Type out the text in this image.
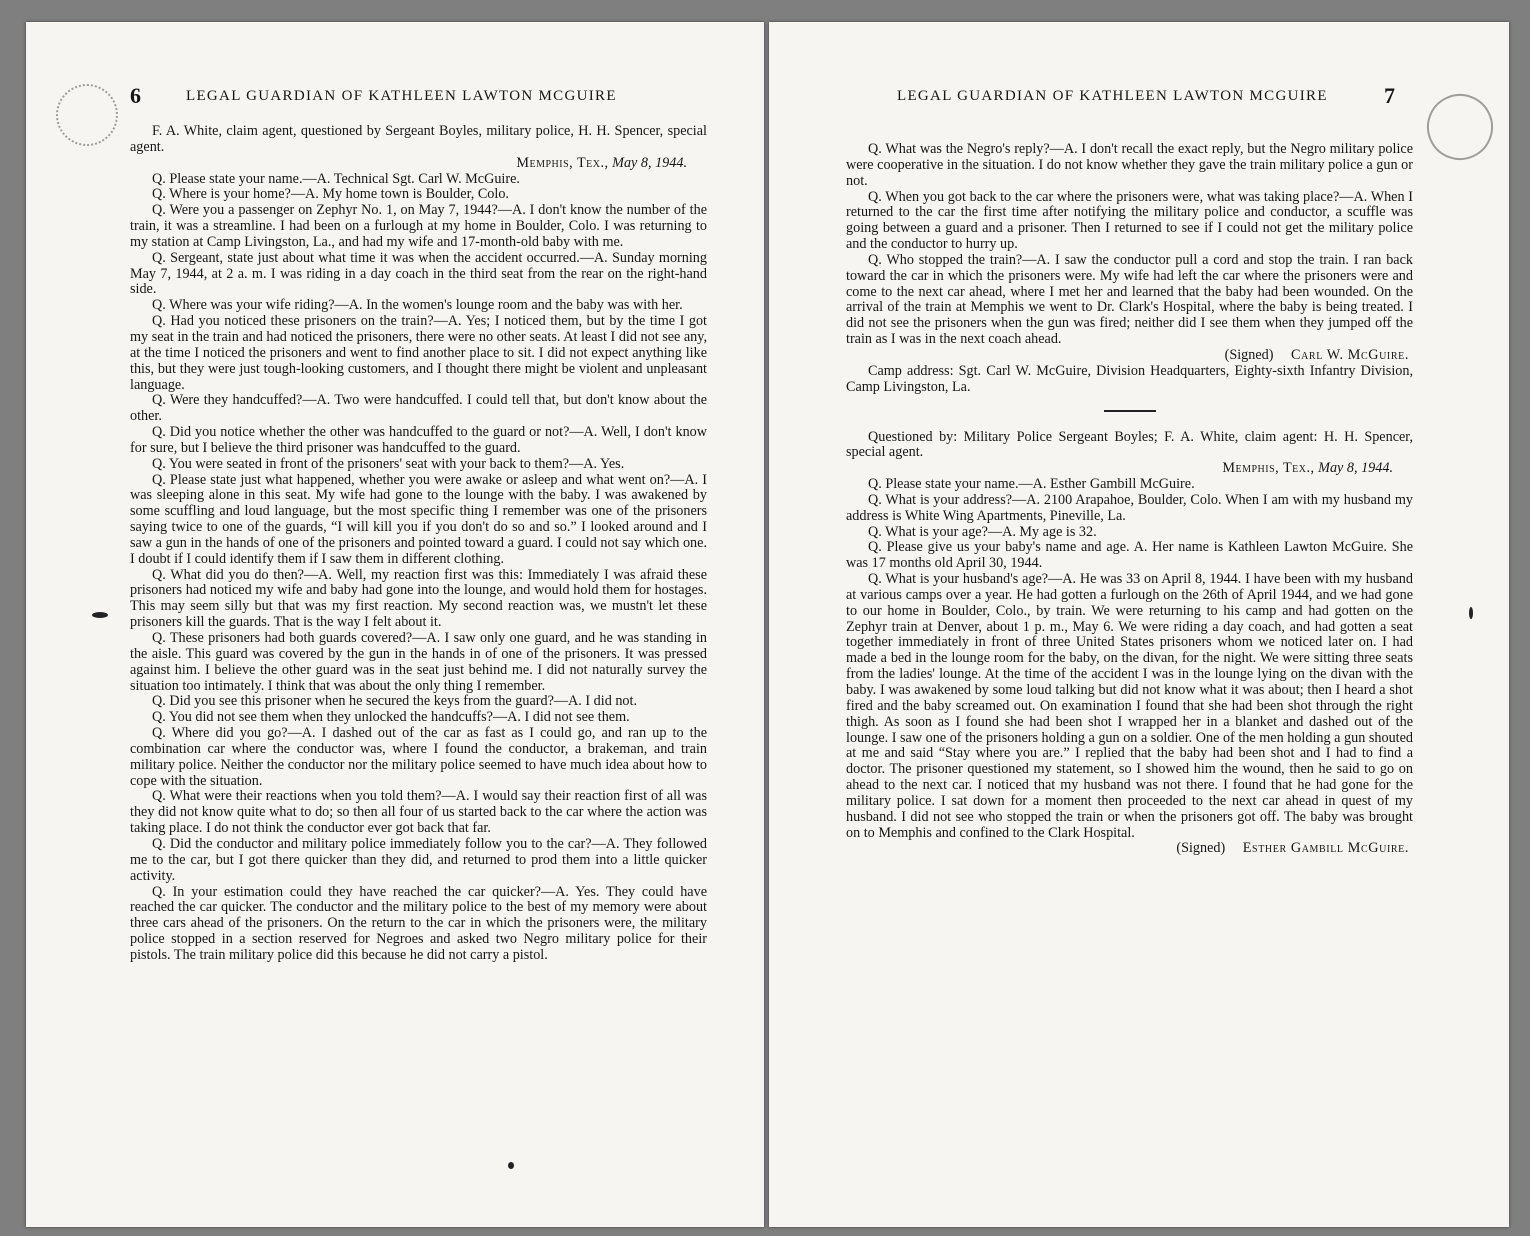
6	LEGAL GUARDIAN OF KATHLEEN LAWTON MCGUIRE

F. A. White, claim agent, questioned by Sergeant Boyles, military police, H. H. Spencer, special agent.

Memphis, Tex., May 8, 1944.

Q. Please state your name.—A. Technical Sgt. Carl W. McGuire.

Q. Where is your home?—A. My home town is Boulder, Colo.

Q. Were you a passenger on Zephyr No. 1, on May 7, 1944?—A. I don't know the number of the train, it was a streamline. I had been on a furlough at my home in Boulder, Colo. I was returning to my station at Camp Livingston, La., and had my wife and 17-month-old baby with me.

Q. Sergeant, state just about what time it was when the accident occurred.—A. Sunday morning May 7, 1944, at 2 a. m. I was riding in a day coach in the third seat from the rear on the right-hand side.

Q. Where was your wife riding?—A. In the women's lounge room and the baby was with her.

Q. Had you noticed these prisoners on the train?—A. Yes; I noticed them, but by the time I got my seat in the train and had noticed the prisoners, there were no other seats. At least I did not see any, at the time I noticed the prisoners and went to find another place to sit. I did not expect anything like this, but they were just tough-looking customers, and I thought there might be violent and unpleasant language.

Q. Were they handcuffed?—A. Two were handcuffed. I could tell that, but don't know about the other.

Q. Did you notice whether the other was handcuffed to the guard or not?—A. Well, I don't know for sure, but I believe the third prisoner was handcuffed to the guard.

Q. You were seated in front of the prisoners' seat with your back to them?—A. Yes.

Q. Please state just what happened, whether you were awake or asleep and what went on?—A. I was sleeping alone in this seat. My wife had gone to the lounge with the baby. I was awakened by some scuffling and loud language, but the most specific thing I remember was one of the prisoners saying twice to one of the guards, “I will kill you if you don't do so and so.” I looked around and I saw a gun in the hands of one of the prisoners and pointed toward a guard. I could not say which one. I doubt if I could identify them if I saw them in different clothing.

Q. What did you do then?—A. Well, my reaction first was this: Immediately I was afraid these prisoners had noticed my wife and baby had gone into the lounge, and would hold them for hostages. This may seem silly but that was my first reaction. My second reaction was, we mustn't let these prisoners kill the guards. That is the way I felt about it.

Q. These prisoners had both guards covered?—A. I saw only one guard, and he was standing in the aisle. This guard was covered by the gun in the hands in of one of the prisoners. It was pressed against him. I believe the other guard was in the seat just behind me. I did not naturally survey the situation too intimately. I think that was about the only thing I remember.

Q. Did you see this prisoner when he secured the keys from the guard?—A. I did not.

Q. You did not see them when they unlocked the handcuffs?—A. I did not see them.

Q. Where did you go?—A. I dashed out of the car as fast as I could go, and ran up to the combination car where the conductor was, where I found the conductor, a brakeman, and train military police. Neither the conductor nor the military police seemed to have much idea about how to cope with the situation.

Q. What were their reactions when you told them?—A. I would say their reaction first of all was they did not know quite what to do; so then all four of us started back to the car where the action was taking place. I do not think the conductor ever got back that far.

Q. Did the conductor and military police immediately follow you to the car?—A. They followed me to the car, but I got there quicker than they did, and returned to prod them into a little quicker activity.

Q. In your estimation could they have reached the car quicker?—A. Yes. They could have reached the car quicker. The conductor and the military police to the best of my memory were about three cars ahead of the prisoners. On the return to the car in which the prisoners were, the military police stopped in a section reserved for Negroes and asked two Negro military police for their pistols. The train military police did this because he did not carry a pistol.

LEGAL GUARDIAN OF KATHLEEN LAWTON MCGUIRE	7

Q. What was the Negro's reply?—A. I don't recall the exact reply, but the Negro military police were cooperative in the situation. I do not know whether they gave the train military police a gun or not.

Q. When you got back to the car where the prisoners were, what was taking place?—A. When I returned to the car the first time after notifying the military police and conductor, a scuffle was going between a guard and a prisoner. Then I returned to see if I could not get the military police and the conductor to hurry up.

Q. Who stopped the train?—A. I saw the conductor pull a cord and stop the train. I ran back toward the car in which the prisoners were. My wife had left the car where the prisoners were and come to the next car ahead, where I met her and learned that the baby had been wounded. On the arrival of the train at Memphis we went to Dr. Clark's Hospital, where the baby is being treated. I did not see the prisoners when the gun was fired; neither did I see them when they jumped off the train as I was in the next coach ahead.

(Signed) Carl W. McGuire.

Camp address: Sgt. Carl W. McGuire, Division Headquarters, Eighty-sixth Infantry Division, Camp Livingston, La.

Questioned by: Military Police Sergeant Boyles; F. A. White, claim agent: H. H. Spencer, special agent.

Memphis, Tex., May 8, 1944.

Q. Please state your name.—A. Esther Gambill McGuire.

Q. What is your address?—A. 2100 Arapahoe, Boulder, Colo. When I am with my husband my address is White Wing Apartments, Pineville, La.

Q. What is your age?—A. My age is 32.

Q. Please give us your baby's name and age. A. Her name is Kathleen Lawton McGuire. She was 17 months old April 30, 1944.

Q. What is your husband's age?—A. He was 33 on April 8, 1944. I have been with my husband at various camps over a year. He had gotten a furlough on the 26th of April 1944, and we had gone to our home in Boulder, Colo., by train. We were returning to his camp and had gotten on the Zephyr train at Denver, about 1 p. m., May 6. We were riding a day coach, and had gotten a seat together immediately in front of three United States prisoners whom we noticed later on. I had made a bed in the lounge room for the baby, on the divan, for the night. We were sitting three seats from the ladies' lounge. At the time of the accident I was in the lounge lying on the divan with the baby. I was awakened by some loud talking but did not know what it was about; then I heard a shot fired and the baby screamed out. On examination I found that she had been shot through the right thigh. As soon as I found she had been shot I wrapped her in a blanket and dashed out of the lounge. I saw one of the prisoners holding a gun on a soldier. One of the men holding a gun shouted at me and said “Stay where you are.” I replied that the baby had been shot and I had to find a doctor. The prisoner questioned my statement, so I showed him the wound, then he said to go on ahead to the next car. I noticed that my husband was not there. I found that he had gone for the military police. I sat down for a moment then proceeded to the next car ahead in quest of my husband. I did not see who stopped the train or when the prisoners got off. The baby was brought on to Memphis and confined to the Clark Hospital.

(Signed) Esther Gambill McGuire.
